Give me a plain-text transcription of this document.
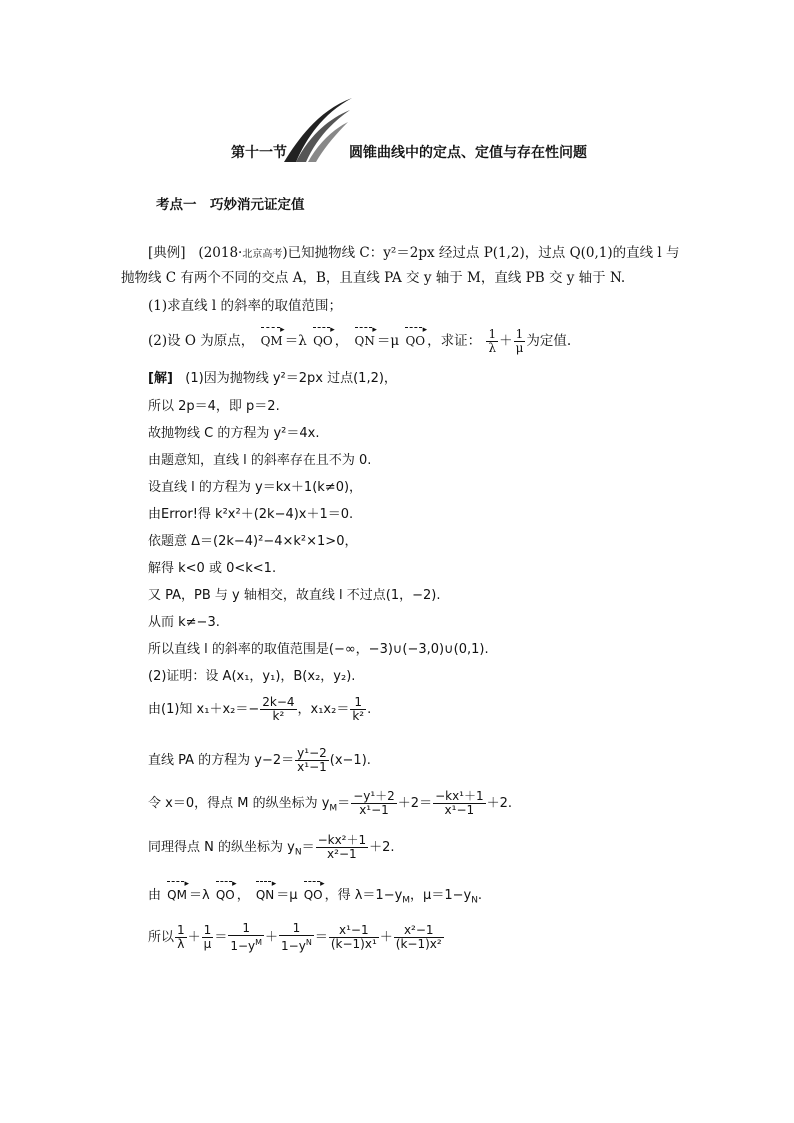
第十一节	圆锥曲线中的定点、定值与存在性问题
考点一　巧妙消元证定值
[典例] (2018·北京高考)已知抛物线 C：y²＝2px 经过点 P(1,2)，过点 Q(0,1)的直线 l 与
抛物线 C 有两个不同的交点 A，B，且直线 PA 交 y 轴于 M，直线 PB 交 y 轴于 N.
(1)求直线 l 的斜率的取值范围；
(2)设 O 为原点， QM ▸ ＝λ QO ▸ ， QN ▸ ＝μ QO ▸ ，求证： $\frac{1}{\lambda} + \frac{1}{\mu}$ 为定值.
[解] (1)因为抛物线 y²＝2px 过点(1,2)，
所以 2p＝4，即 p＝2.
故抛物线 C 的方程为 y²＝4x.
由题意知，直线 l 的斜率存在且不为 0.
设直线 l 的方程为 y＝kx＋1(k≠0)，
由Error!得 k²x²＋(2k−4)x＋1＝0.
依题意 Δ＝(2k−4)²−4×k²×1>0，
解得 k<0 或 0<k<1.
又 PA，PB 与 y 轴相交，故直线 l 不过点(1，−2).
从而 k≠−3.
所以直线 l 的斜率的取值范围是(−∞，−3)∪(−3,0)∪(0,1).
(2)证明：设 A(x₁，y₁)，B(x₂，y₂).
由(1)知 $x_1+x_2=- \frac{2k-4}{\text{k²}}$ ，$x_1x_2= \frac{1}{\text{k²}}$ .
直线 PA 的方程为 $y-2= \frac{\text{y¹−2}}{\text{x¹−1}} (x-1)$.
令 x＝0，得点 M 的纵坐标为 $y_M= \frac{\text{−y¹＋2}}{\text{x¹−1}} +2= \frac{\text{−kx¹＋1}}{\text{x¹−1}} +2$.
同理得点 N 的纵坐标为 $y_N= \frac{\text{−kx²＋1}}{\text{x²−1}} +2$.
由 QM ▸ ＝λ QO ▸ ， QN ▸ ＝μ QO ▸ ，得 $\lambda=1-y_M$，$\mu=1-y_N$.
所以 $\frac{1}{\lambda} + \frac{1}{\mu} = \frac{1}{1-y^M} + \frac{1}{1-y^N} = \frac{\text{x¹−1}}{\text{(k−1)x¹}} + \frac{\text{x²−1}}{\text{(k−1)x²}}$
